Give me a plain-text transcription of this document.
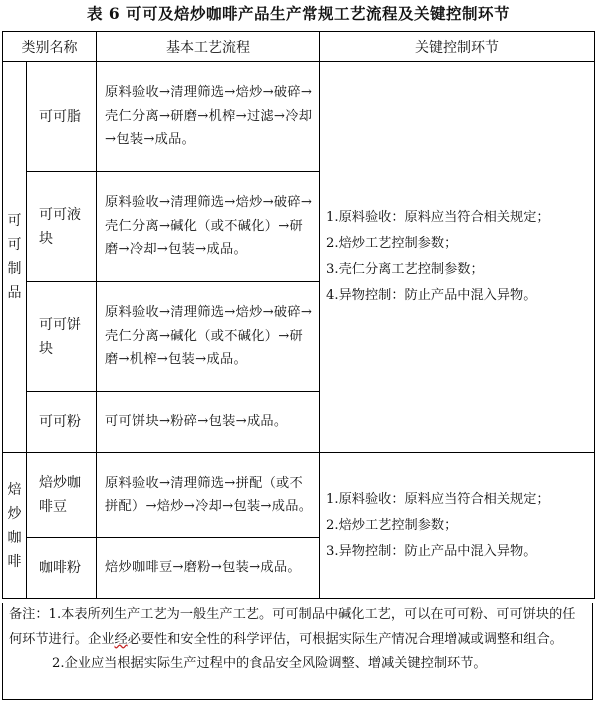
表 6 可可及焙炒咖啡产品生产常规工艺流程及关键控制环节
类别名称		基本工艺流程	关键控制环节

可可制品	可可脂	原料验收→清理筛选→焙炒→破碎→壳仁分离→研磨→机榨→过滤→冷却→包装→成品。	1.原料验收：原料应当符合相关规定；
2.焙炒工艺控制参数；
3.壳仁分离工艺控制参数；
4.异物控制：防止产品中混入异物。

	可可液块	原料验收→清理筛选→焙炒→破碎→壳仁分离→碱化（或不碱化）→研磨→冷却→包装→成品。	

	可可饼块	原料验收→清理筛选→焙炒→破碎→壳仁分离→碱化（或不碱化）→研磨→机榨→包装→成品。	

	可可粉	可可饼块→粉碎→包装→成品。	

焙炒咖啡	焙炒咖啡豆	原料验收→清理筛选→拼配（或不拼配）→焙炒→冷却→包装→成品。	1.原料验收：原料应当符合相关规定；
2.焙炒工艺控制参数；
3.异物控制：防止产品中混入异物。

	咖啡粉	焙炒咖啡豆→磨粉→包装→成品。	

备注：1.本表所列生产工艺为一般生产工艺。可可制品中碱化工艺，可以在可可粉、可可饼块的任何环节进行。企业经必要性和安全性的科学评估，可根据实际生产情况合理增减或调整和组合。

2.企业应当根据实际生产过程中的食品安全风险调整、增减关键控制环节。
